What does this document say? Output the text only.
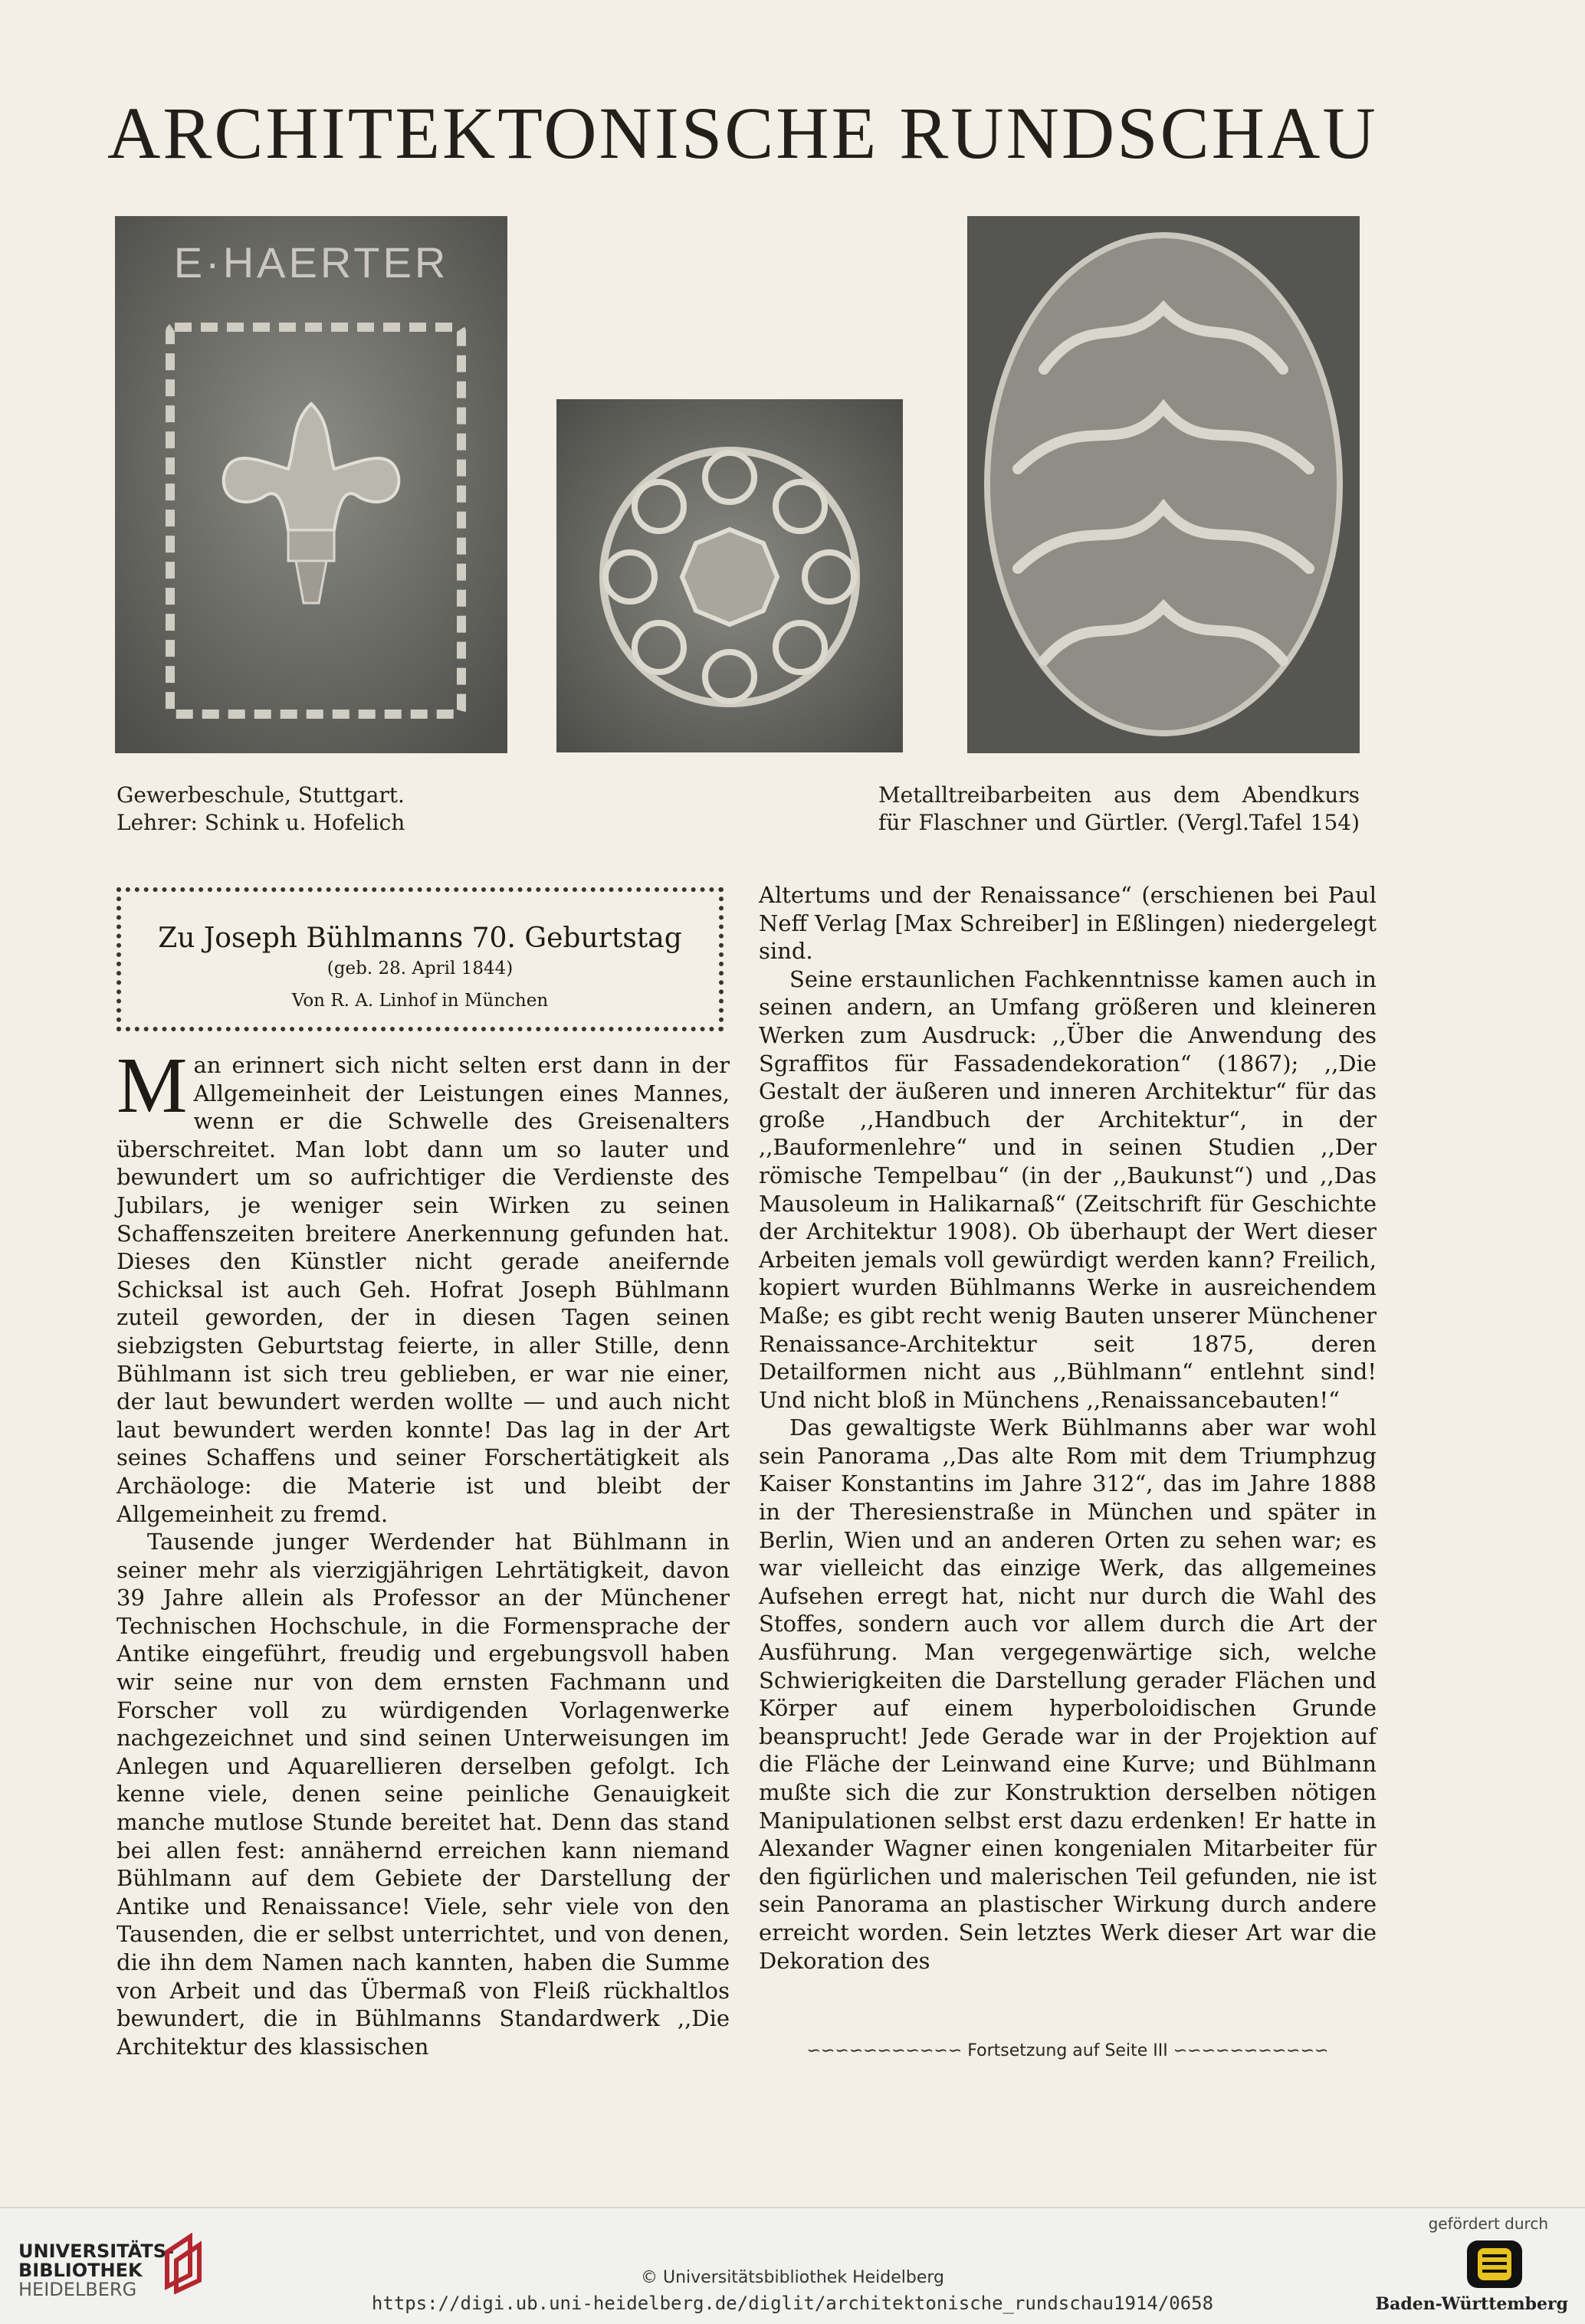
ARCHITEKTONISCHE RUNDSCHAU
E·HAERTER
Gewerbeschule, Stuttgart.
Lehrer: Schink u. Hofelich
Metalltreibarbeiten aus dem Abendkurs
für Flaschner und Gürtler. (Vergl.Tafel 154)
Zu Joseph Bühlmanns 70. Geburtstag
(geb. 28. April 1844)
Von R. A. Linhof in München

Man erinnert sich nicht selten erst dann in der Allgemeinheit der Leistungen eines Mannes, wenn er die Schwelle des Greisenalters überschreitet. Man lobt dann um so lauter und bewundert um so aufrichtiger die Verdienste des Jubilars, je weniger sein Wirken zu seinen Schaffenszeiten breitere Anerkennung gefunden hat. Dieses den Künstler nicht gerade aneifernde Schicksal ist auch Geh. Hofrat Joseph Bühlmann zuteil geworden, der in diesen Tagen seinen siebzigsten Geburtstag feierte, in aller Stille, denn Bühlmann ist sich treu geblieben, er war nie einer, der laut bewundert werden wollte — und auch nicht laut bewundert werden konnte! Das lag in der Art seines Schaffens und seiner Forschertätigkeit als Archäologe: die Materie ist und bleibt der Allgemeinheit zu fremd.

Tausende junger Werdender hat Bühlmann in seiner mehr als vierzigjährigen Lehrtätigkeit, davon 39 Jahre allein als Professor an der Münchener Technischen Hochschule, in die Formensprache der Antike eingeführt, freudig und ergebungsvoll haben wir seine nur von dem ernsten Fachmann und Forscher voll zu würdigenden Vorlagenwerke nachgezeichnet und sind seinen Unterweisungen im Anlegen und Aquarellieren derselben gefolgt. Ich kenne viele, denen seine peinliche Genauigkeit manche mutlose Stunde bereitet hat. Denn das stand bei allen fest: annähernd erreichen kann niemand Bühlmann auf dem Gebiete der Darstellung der Antike und Renaissance! Viele, sehr viele von den Tausenden, die er selbst unterrichtet, und von denen, die ihn dem Namen nach kannten, haben die Summe von Arbeit und das Übermaß von Fleiß rückhaltlos bewundert, die in Bühlmanns Standardwerk ,,Die Architektur des klassischen

Altertums und der Renaissance“ (erschienen bei Paul Neff Verlag [Max Schreiber] in Eßlingen) niedergelegt sind.

Seine erstaunlichen Fachkenntnisse kamen auch in seinen andern, an Umfang größeren und kleineren Werken zum Ausdruck: ,,Über die Anwendung des Sgraffitos für Fassadendekoration“ (1867); ,,Die Gestalt der äußeren und inneren Architektur“ für das große ,,Handbuch der Architektur“, in der ,,Bauformenlehre“ und in seinen Studien ,,Der römische Tempelbau“ (in der ,,Baukunst“) und ,,Das Mausoleum in Halikarnaß“ (Zeitschrift für Geschichte der Architektur 1908). Ob überhaupt der Wert dieser Arbeiten jemals voll gewürdigt werden kann? Freilich, kopiert wurden Bühlmanns Werke in ausreichendem Maße; es gibt recht wenig Bauten unserer Münchener Renaissance-Architektur seit 1875, deren Detailformen nicht aus ,,Bühlmann“ entlehnt sind! Und nicht bloß in Münchens ,,Renaissancebauten!“

Das gewaltigste Werk Bühlmanns aber war wohl sein Panorama ,,Das alte Rom mit dem Triumphzug Kaiser Konstantins im Jahre 312“, das im Jahre 1888 in der Theresienstraße in München und später in Berlin, Wien und an anderen Orten zu sehen war; es war vielleicht das einzige Werk, das allgemeines Aufsehen erregt hat, nicht nur durch die Wahl des Stoffes, sondern auch vor allem durch die Art der Ausführung. Man vergegenwärtige sich, welche Schwierigkeiten die Darstellung gerader Flächen und Körper auf einem hyperboloidischen Grunde beansprucht! Jede Gerade war in der Projektion auf die Fläche der Leinwand eine Kurve; und Bühlmann mußte sich die zur Konstruktion derselben nötigen Manipulationen selbst erst dazu erdenken! Er hatte in Alexander Wagner einen kongenialen Mitarbeiter für den figürlichen und malerischen Teil gefunden, nie ist sein Panorama an plastischer Wirkung durch andere erreicht worden. Sein letztes Werk dieser Art war die Dekoration des

∽∽∽∽∽∽∽∽∽∽∽ Fortsetzung auf Seite III ∽∽∽∽∽∽∽∽∽∽∽
UNIVERSITÄTS-
BIBLIOTHEK
HEIDELBERG
© Universitätsbibliothek Heidelberg
https://digi.ub.uni-heidelberg.de/diglit/architektonische_rundschau1914/0658
gefördert durch
Baden-Württemberg
